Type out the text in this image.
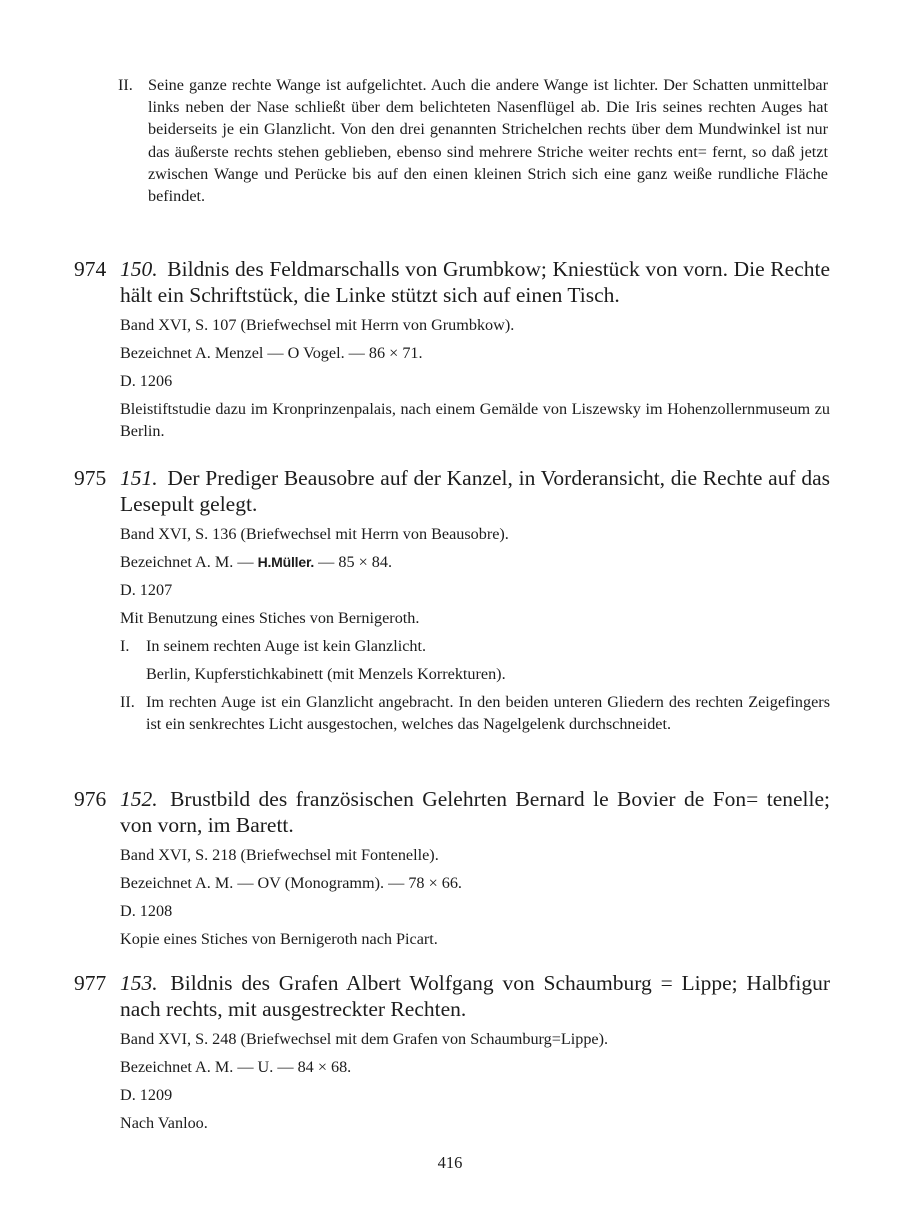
II. Seine ganze rechte Wange ist aufgelichtet. Auch die andere Wange ist lichter. Der Schatten unmittelbar links neben der Nase schließt über dem belichteten Nasenflügel ab. Die Iris seines rechten Auges hat beiderseits je ein Glanzlicht. Von den drei genannten Strichelchen rechts über dem Mundwinkel ist nur das äußerste rechts stehen geblieben, ebenso sind mehrere Striche weiter rechts ent= fernt, so daß jetzt zwischen Wange und Perücke bis auf den einen kleinen Strich sich eine ganz weiße rundliche Fläche befindet.
974 150. Bildnis des Feldmarschalls von Grumbkow; Kniestück von vorn. Die Rechte hält ein Schriftstück, die Linke stützt sich auf einen Tisch.
Band XVI, S. 107 (Briefwechsel mit Herrn von Grumbkow).
Bezeichnet A. Menzel — O Vogel. — 86 × 71.
D. 1206
Bleistiftstudie dazu im Kronprinzenpalais, nach einem Gemälde von Liszewsky im Hohenzollernmuseum zu Berlin.
975 151. Der Prediger Beausobre auf der Kanzel, in Vorderansicht, die Rechte auf das Lesepult gelegt.
Band XVI, S. 136 (Briefwechsel mit Herrn von Beausobre).
Bezeichnet A. M. — H.Müller. — 85 × 84.
D. 1207
Mit Benutzung eines Stiches von Bernigeroth.
I. In seinem rechten Auge ist kein Glanzlicht.
Berlin, Kupferstichkabinett (mit Menzels Korrekturen).
II. Im rechten Auge ist ein Glanzlicht angebracht. In den beiden unteren Gliedern des rechten Zeigefingers ist ein senkrechtes Licht ausgestochen, welches das Nagelgelenk durchschneidet.
976 152. Brustbild des französischen Gelehrten Bernard le Bovier de Fon= tenelle; von vorn, im Barett.
Band XVI, S. 218 (Briefwechsel mit Fontenelle).
Bezeichnet A. M. — OV (Monogramm). — 78 × 66.
D. 1208
Kopie eines Stiches von Bernigeroth nach Picart.
977 153. Bildnis des Grafen Albert Wolfgang von Schaumburg = Lippe; Halbfigur nach rechts, mit ausgestreckter Rechten.
Band XVI, S. 248 (Briefwechsel mit dem Grafen von Schaumburg=Lippe).
Bezeichnet A. M. — U. — 84 × 68.
D. 1209
Nach Vanloo.
416
